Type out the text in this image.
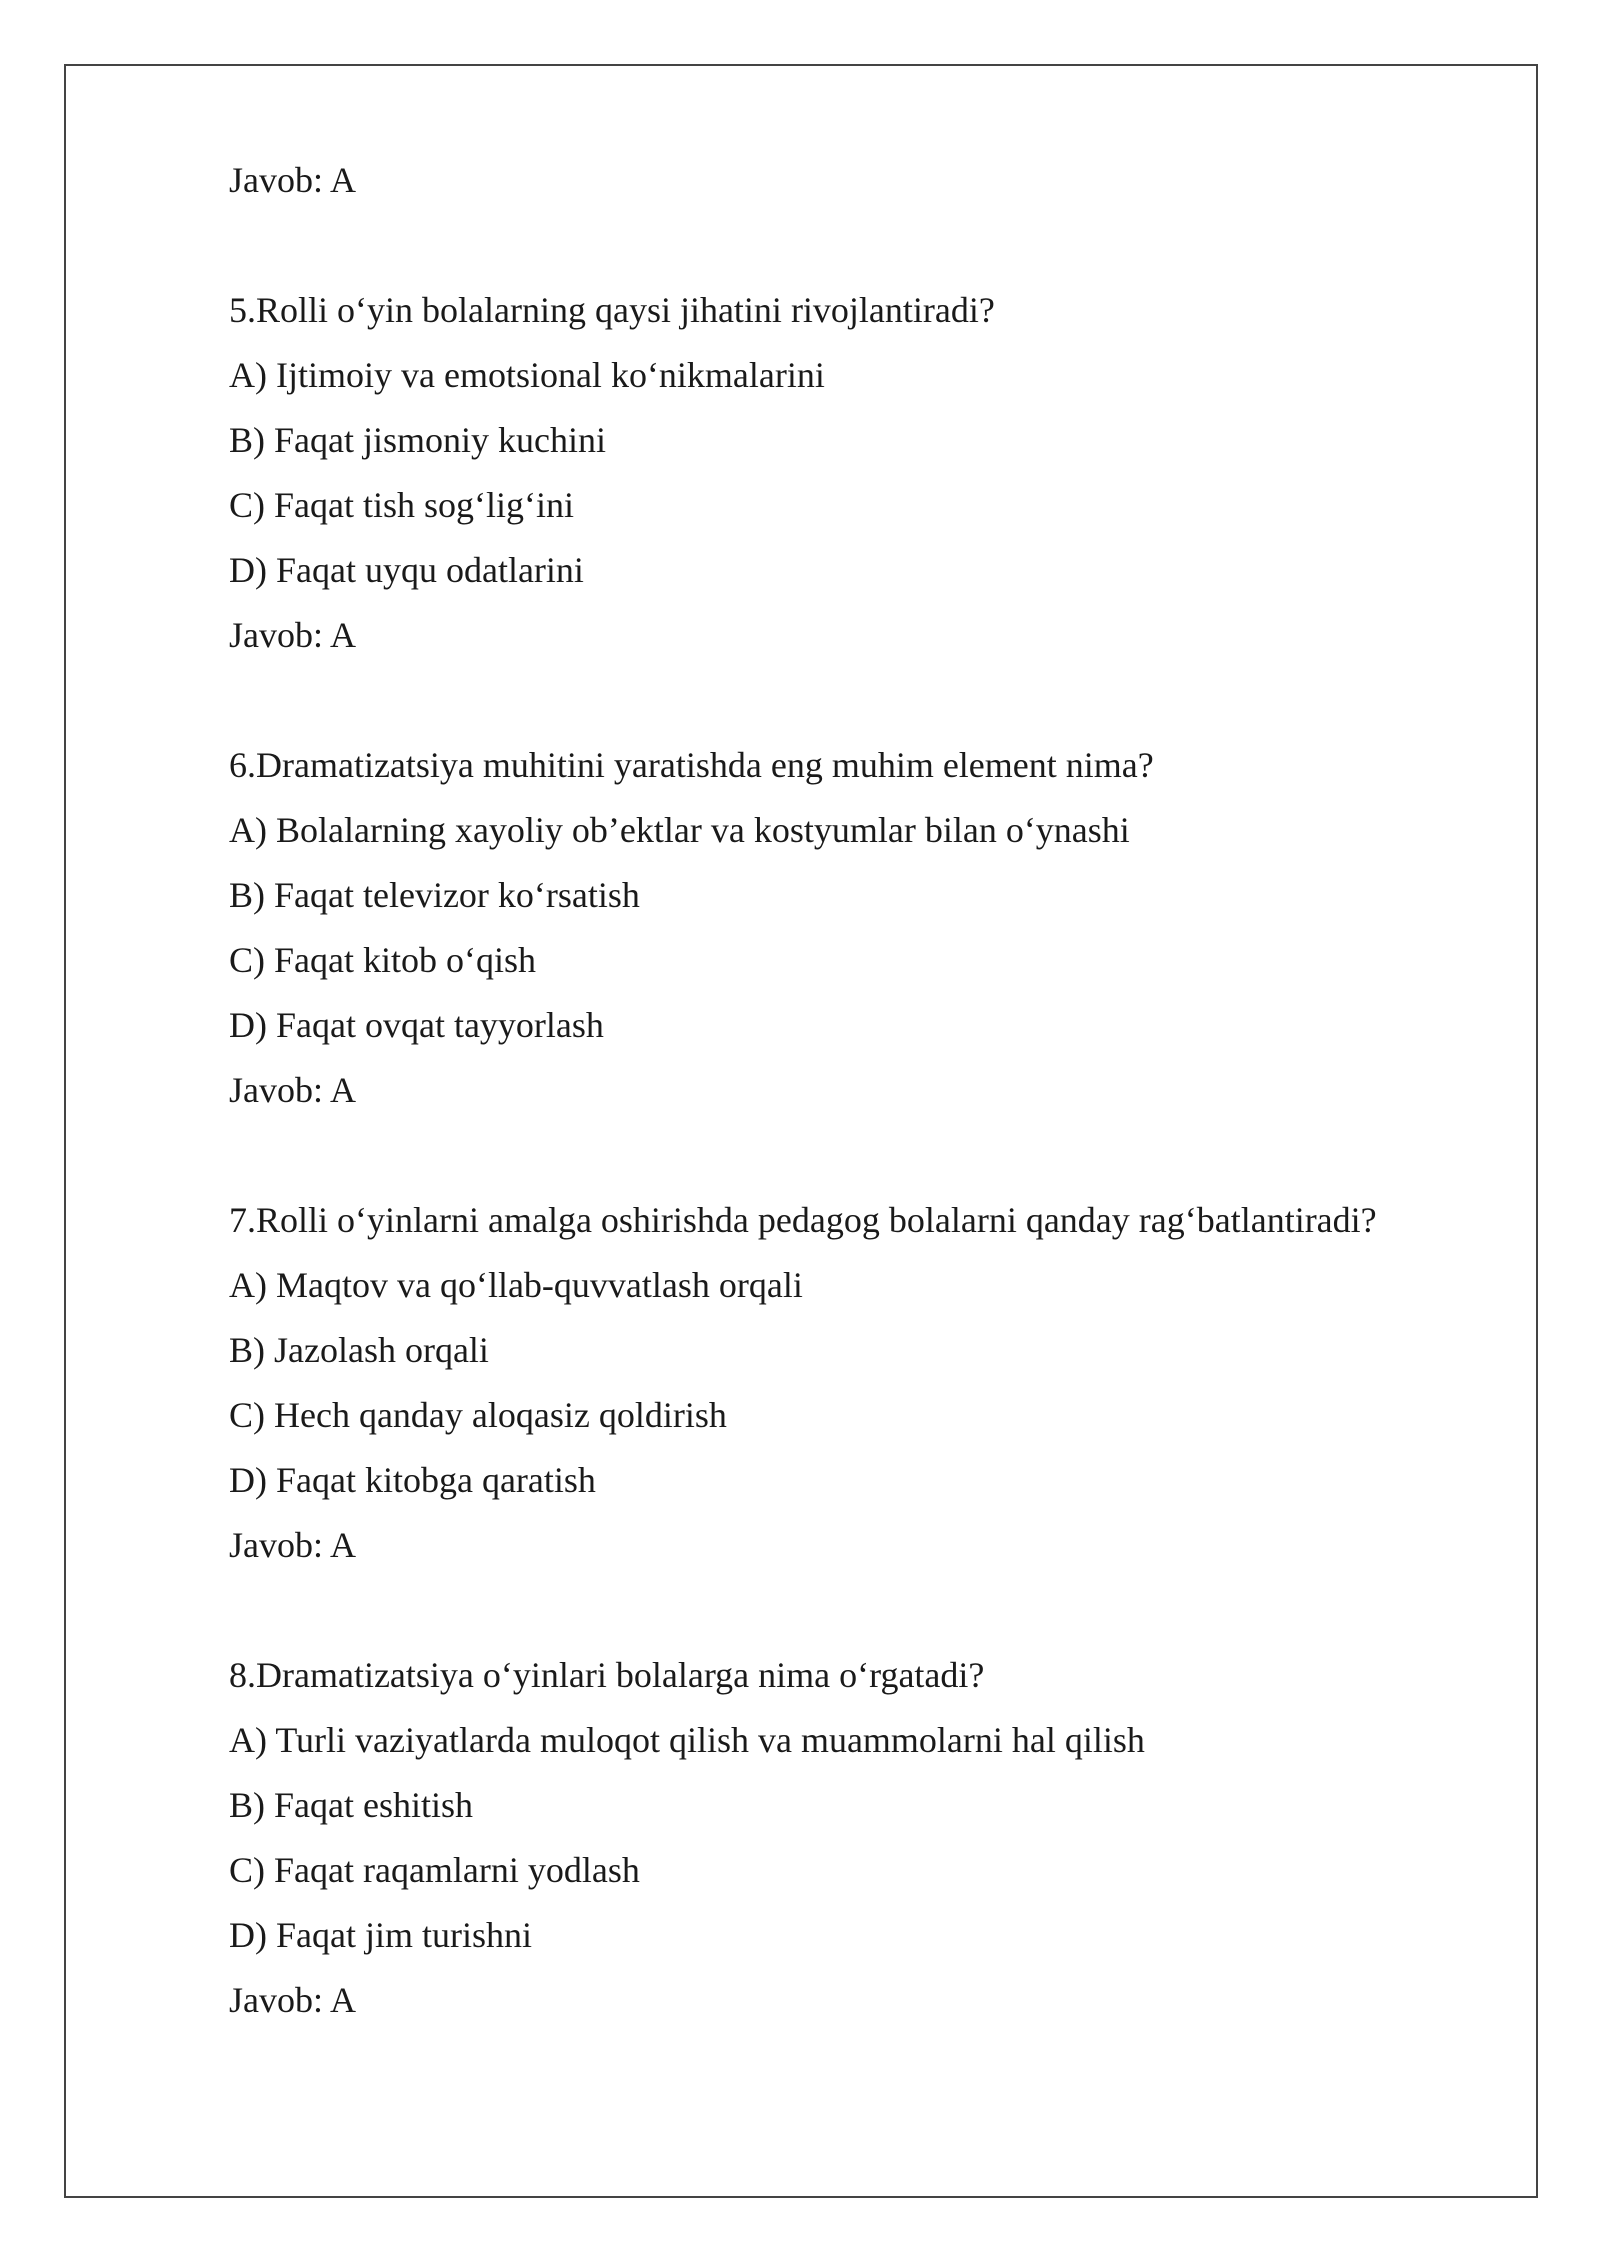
Javob: A
5.Rolli o‘yin bolalarning qaysi jihatini rivojlantiradi?
A) Ijtimoiy va emotsional ko‘nikmalarini
B) Faqat jismoniy kuchini
C) Faqat tish sog‘lig‘ini
D) Faqat uyqu odatlarini
Javob: A
6.Dramatizatsiya muhitini yaratishda eng muhim element nima?
A) Bolalarning xayoliy ob’ektlar va kostyumlar bilan o‘ynashi
B) Faqat televizor ko‘rsatish
C) Faqat kitob o‘qish
D) Faqat ovqat tayyorlash
Javob: A
7.Rolli o‘yinlarni amalga oshirishda pedagog bolalarni qanday rag‘batlantiradi?
A) Maqtov va qo‘llab-quvvatlash orqali
B) Jazolash orqali
C) Hech qanday aloqasiz qoldirish
D) Faqat kitobga qaratish
Javob: A
8.Dramatizatsiya o‘yinlari bolalarga nima o‘rgatadi?
A) Turli vaziyatlarda muloqot qilish va muammolarni hal qilish
B) Faqat eshitish
C) Faqat raqamlarni yodlash
D) Faqat jim turishni
Javob: A
